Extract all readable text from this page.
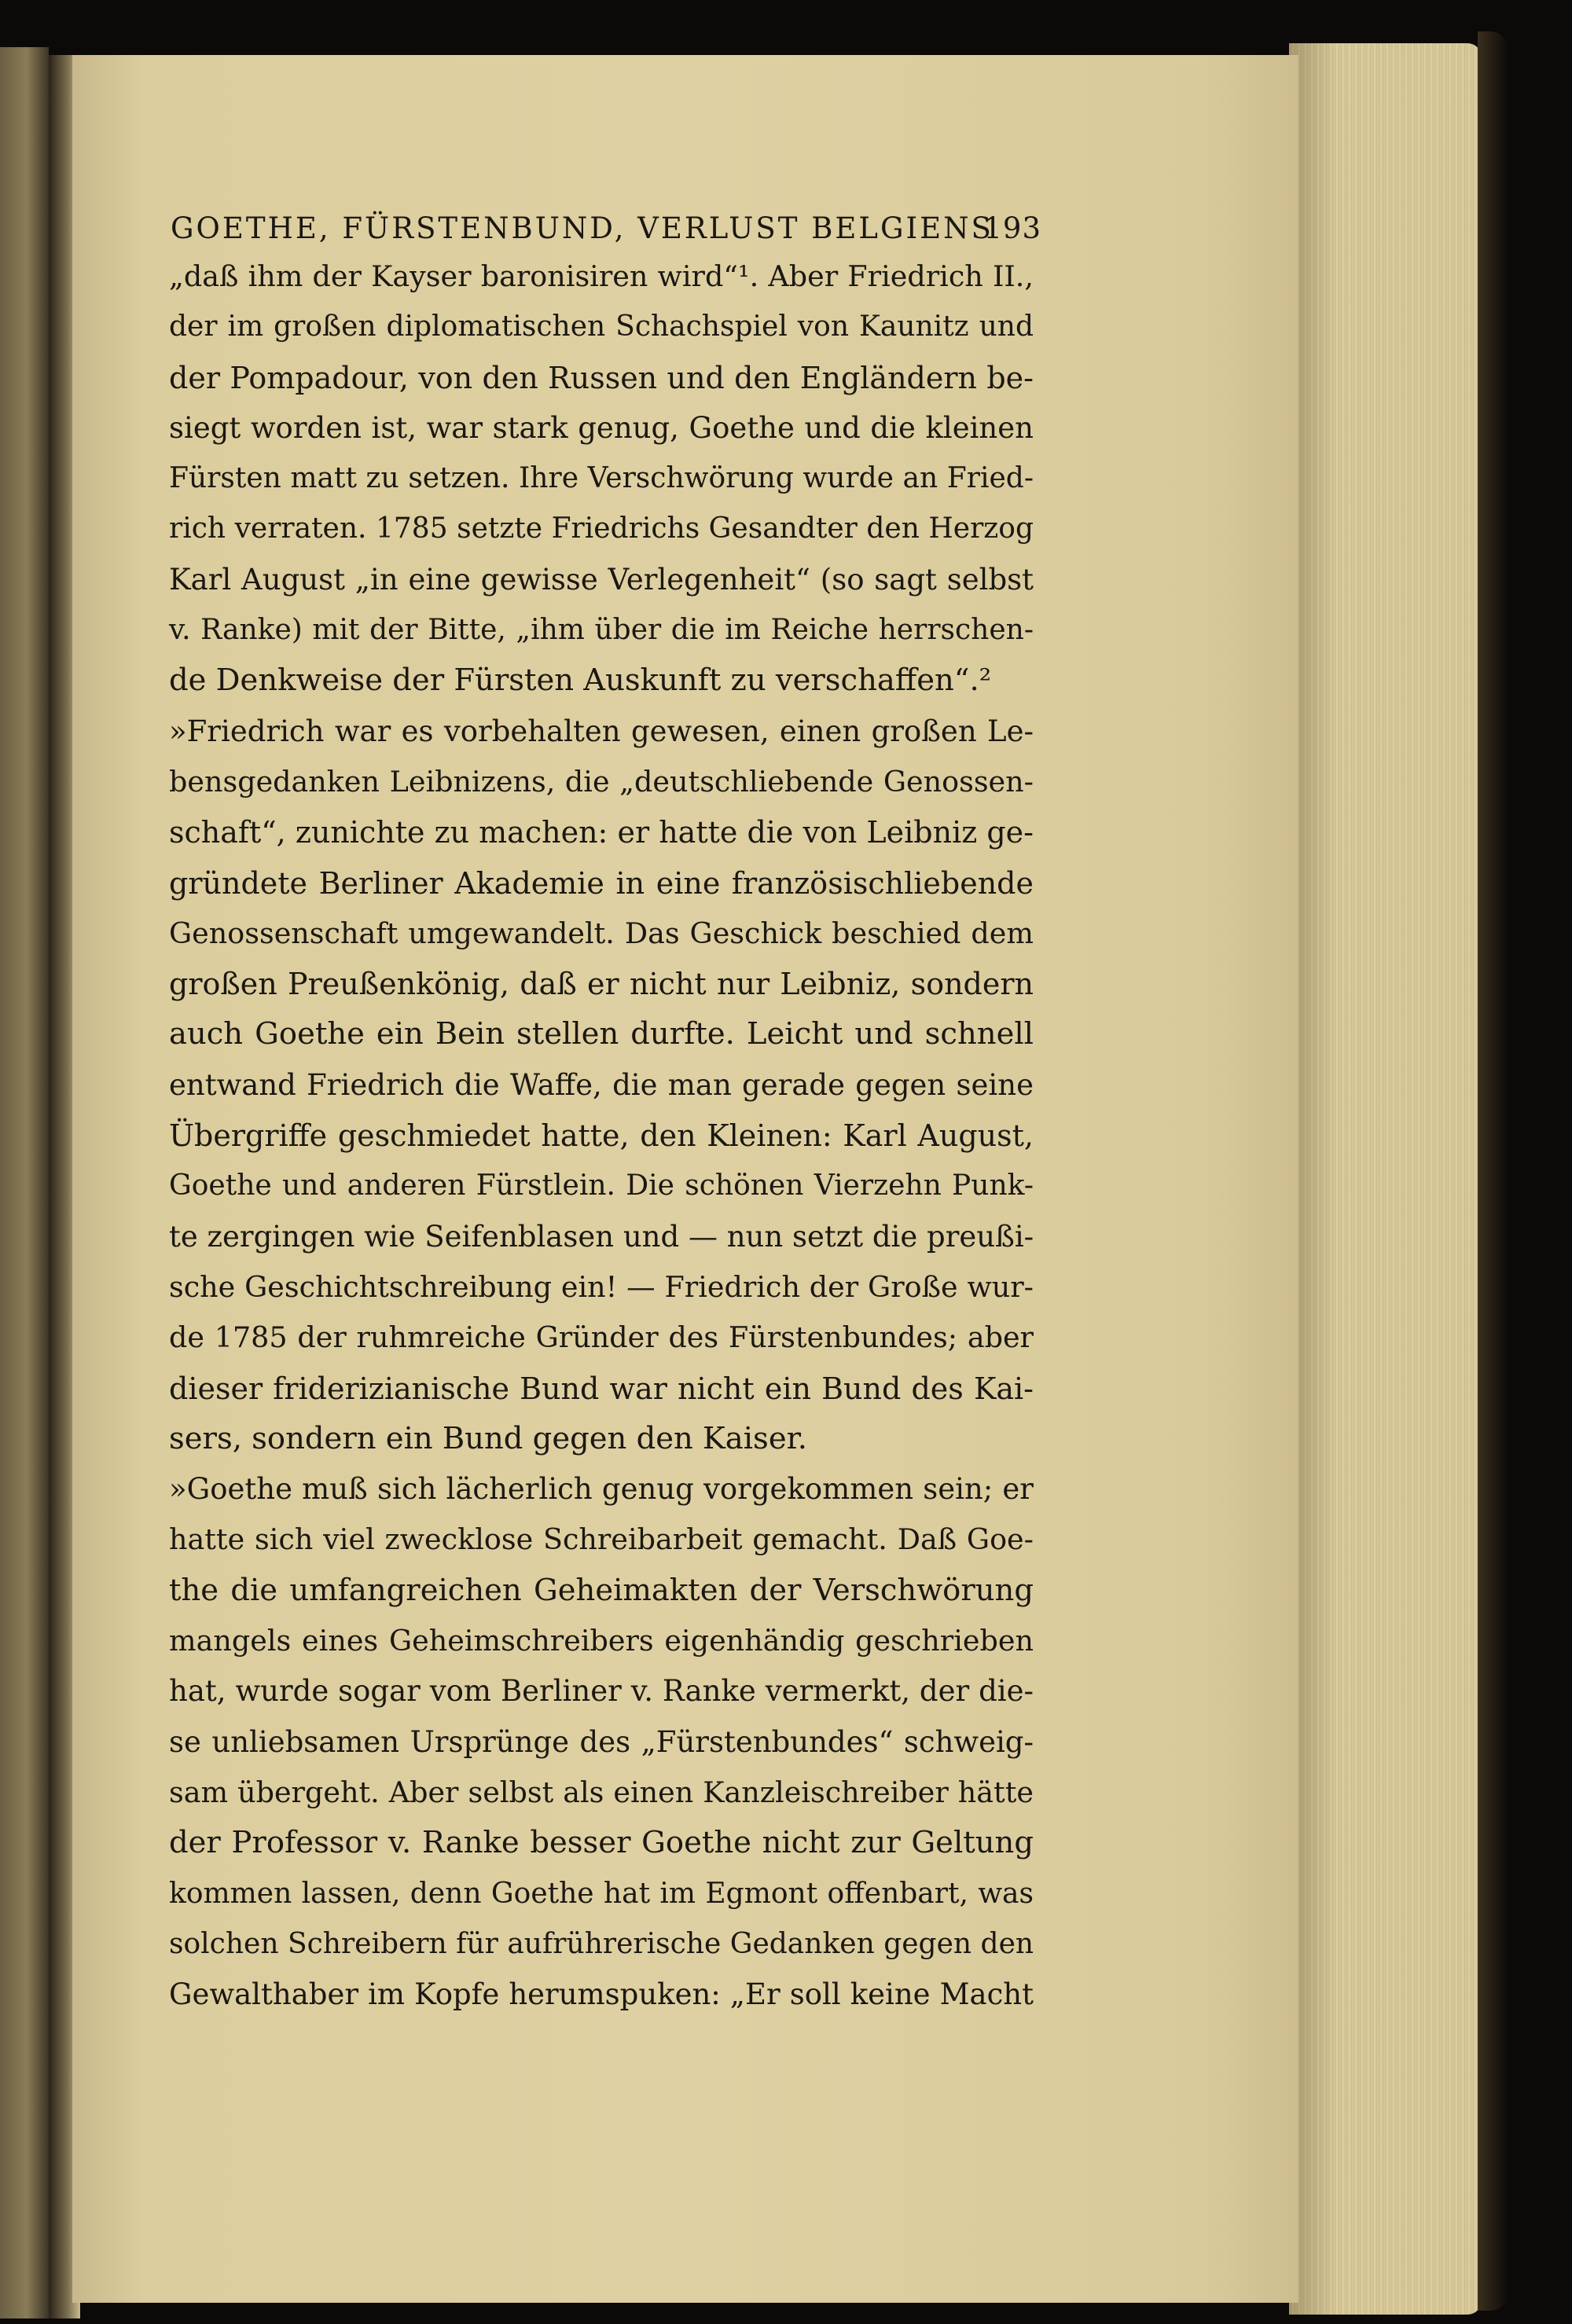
GOETHE, FÜRSTENBUND, VERLUST BELGIENS
193
„daß ihm der Kayser baronisiren wird“¹. Aber Friedrich II.,
der im großen diplomatischen Schachspiel von Kaunitz und
der Pompadour, von den Russen und den Engländern be-
siegt worden ist, war stark genug, Goethe und die kleinen
Fürsten matt zu setzen. Ihre Verschwörung wurde an Fried-
rich verraten. 1785 setzte Friedrichs Gesandter den Herzog
Karl August „in eine gewisse Verlegenheit“ (so sagt selbst
v. Ranke) mit der Bitte, „ihm über die im Reiche herrschen-
de Denkweise der Fürsten Auskunft zu verschaffen“.²
»Friedrich war es vorbehalten gewesen, einen großen Le-
bensgedanken Leibnizens, die „deutschliebende Genossen-
schaft“, zunichte zu machen: er hatte die von Leibniz ge-
gründete Berliner Akademie in eine französischliebende
Genossenschaft umgewandelt. Das Geschick beschied dem
großen Preußenkönig, daß er nicht nur Leibniz, sondern
auch Goethe ein Bein stellen durfte. Leicht und schnell
entwand Friedrich die Waffe, die man gerade gegen seine
Übergriffe geschmiedet hatte, den Kleinen: Karl August,
Goethe und anderen Fürstlein. Die schönen Vierzehn Punk-
te zergingen wie Seifenblasen und — nun setzt die preußi-
sche Geschichtschreibung ein! — Friedrich der Große wur-
de 1785 der ruhmreiche Gründer des Fürstenbundes; aber
dieser friderizianische Bund war nicht ein Bund des Kai-
sers, sondern ein Bund gegen den Kaiser.
»Goethe muß sich lächerlich genug vorgekommen sein; er
hatte sich viel zwecklose Schreibarbeit gemacht. Daß Goe-
the die umfangreichen Geheimakten der Verschwörung
mangels eines Geheimschreibers eigenhändig geschrieben
hat, wurde sogar vom Berliner v. Ranke vermerkt, der die-
se unliebsamen Ursprünge des „Fürstenbundes“ schweig-
sam übergeht. Aber selbst als einen Kanzleischreiber hätte
der Professor v. Ranke besser Goethe nicht zur Geltung
kommen lassen, denn Goethe hat im Egmont offenbart, was
solchen Schreibern für aufrührerische Gedanken gegen den
Gewalthaber im Kopfe herumspuken: „Er soll keine Macht
